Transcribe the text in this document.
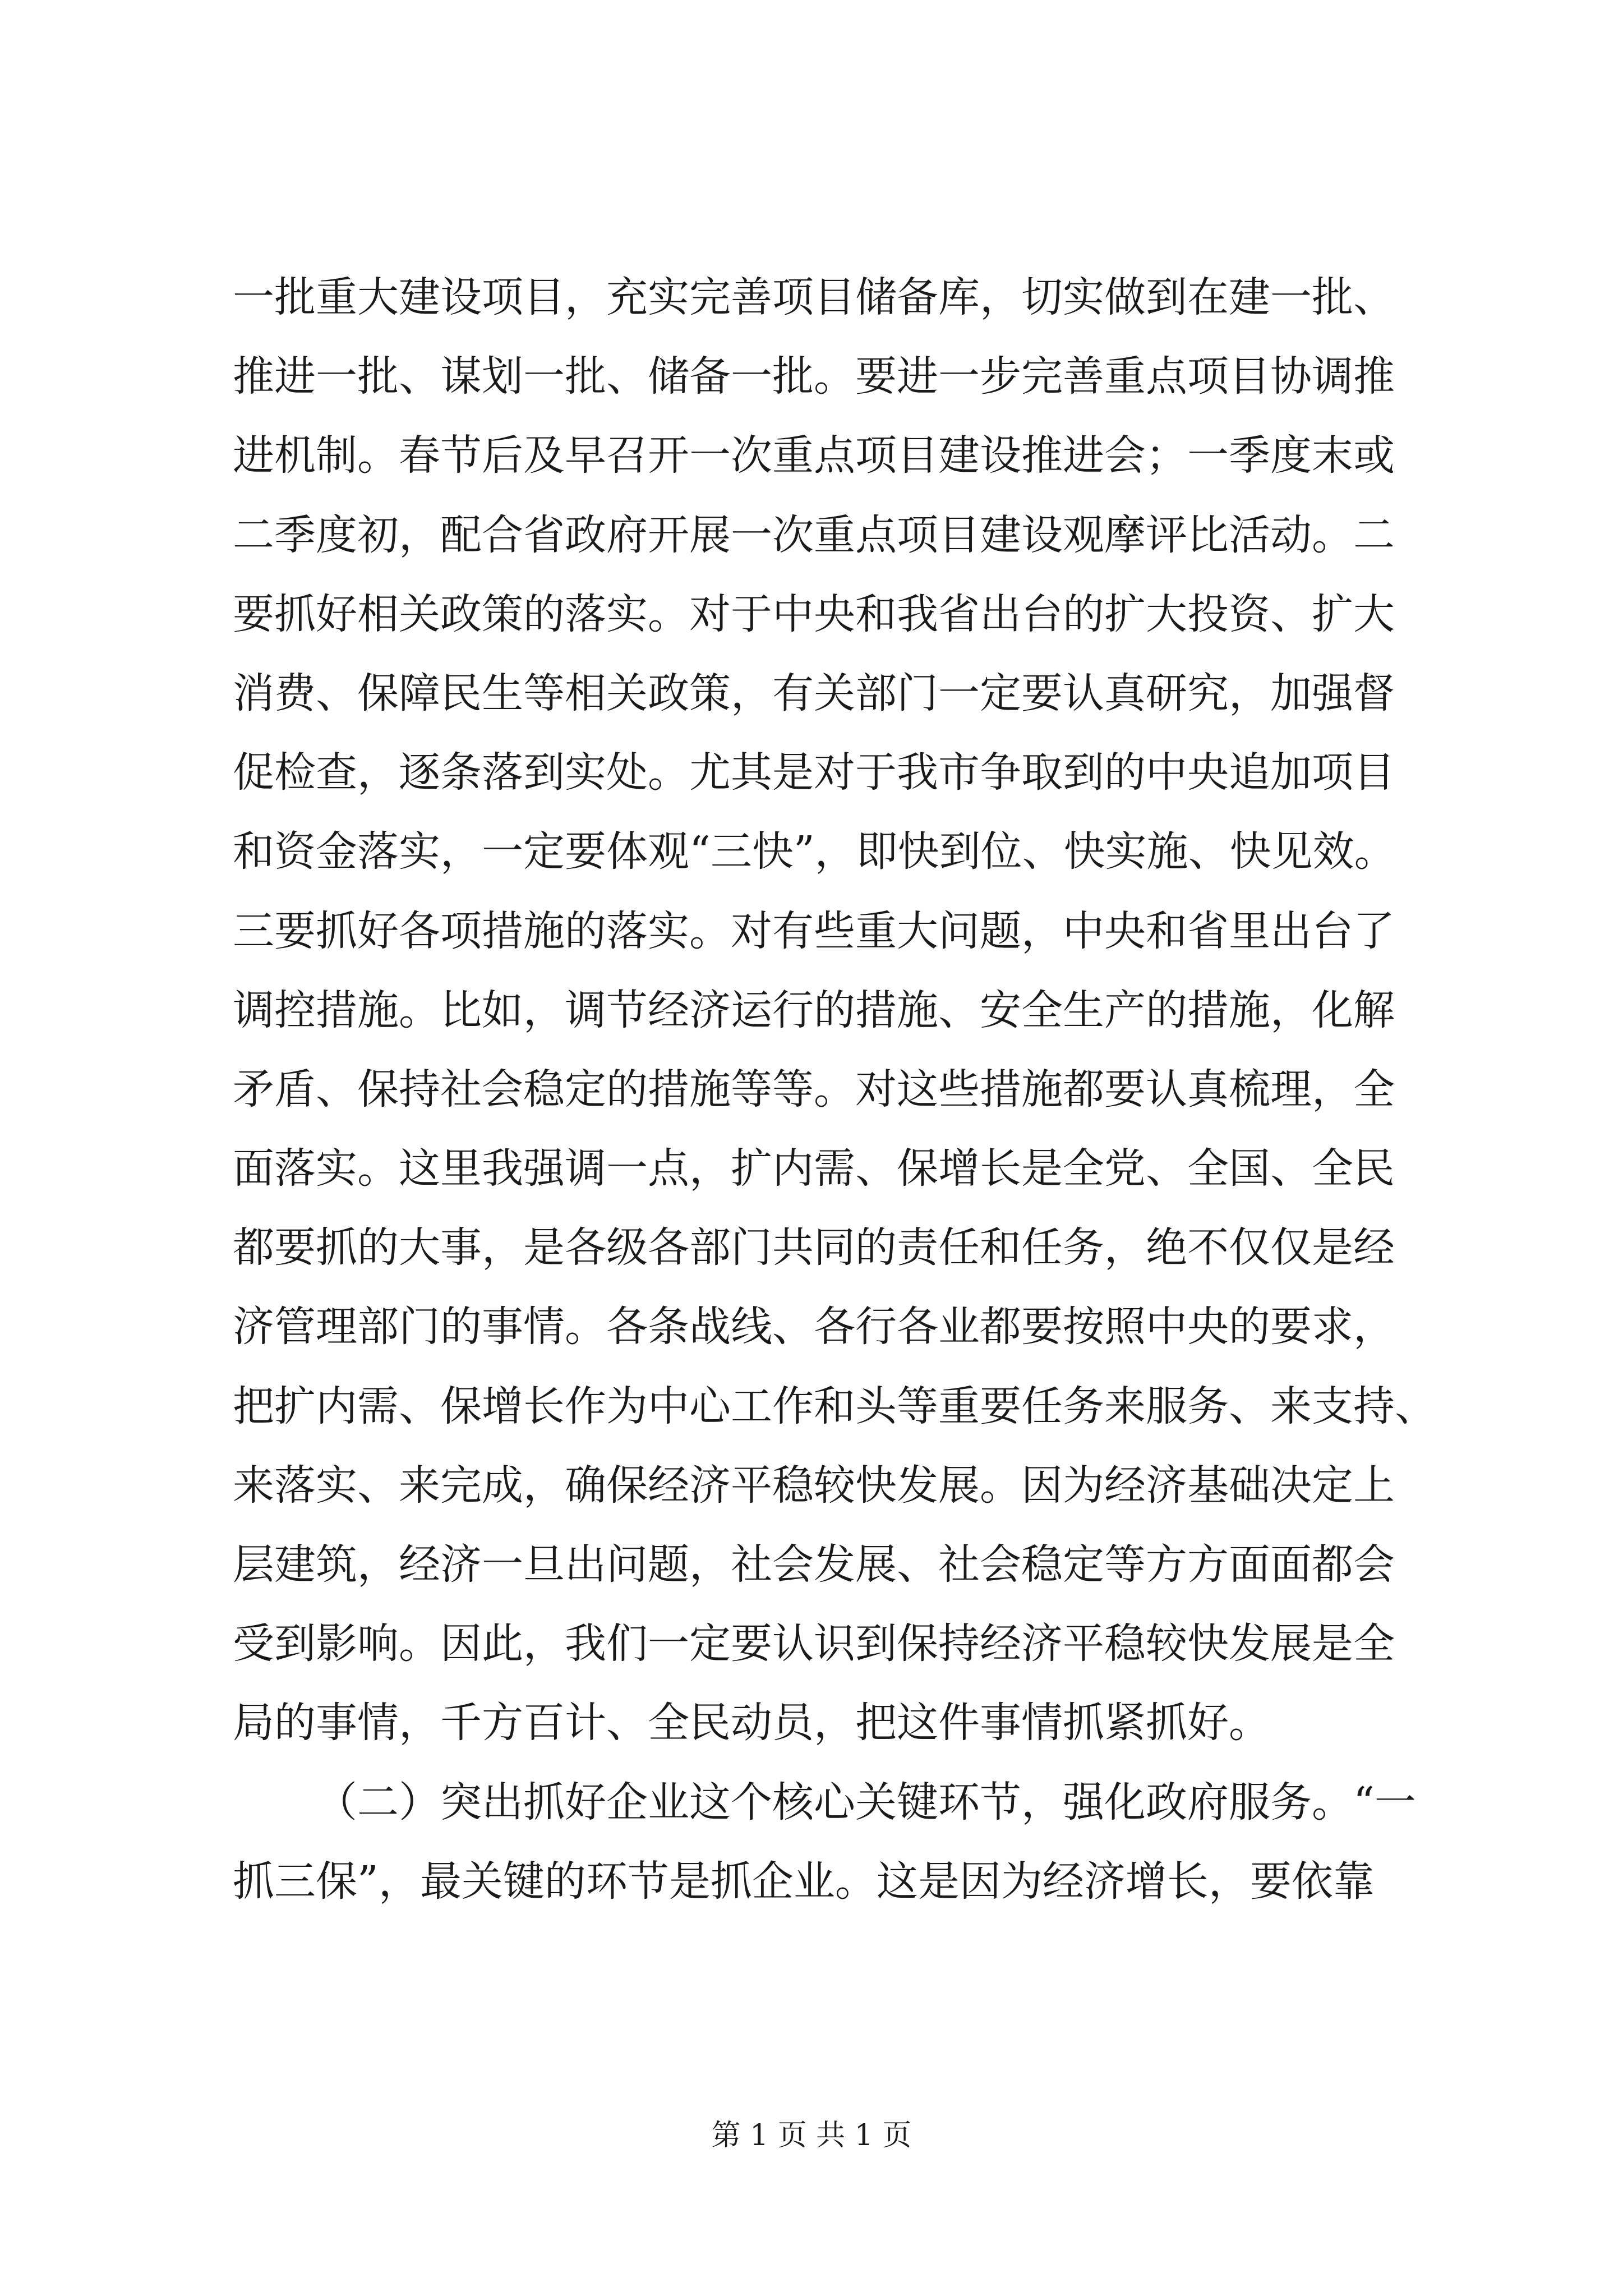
一批重大建设项目，充实完善项目储备库，切实做到在建一批、
推进一批、谋划一批、储备一批。要进一步完善重点项目协调推
进机制。春节后及早召开一次重点项目建设推进会；一季度末或
二季度初，配合省政府开展一次重点项目建设观摩评比活动。二
要抓好相关政策的落实。对于中央和我省出台的扩大投资、扩大
消费、保障民生等相关政策，有关部门一定要认真研究，加强督
促检查，逐条落到实处。尤其是对于我市争取到的中央追加项目
和资金落实，一定要体观“三快”，即快到位、快实施、快见效。
三要抓好各项措施的落实。对有些重大问题，中央和省里出台了
调控措施。比如，调节经济运行的措施、安全生产的措施，化解
矛盾、保持社会稳定的措施等等。对这些措施都要认真梳理，全
面落实。这里我强调一点，扩内需、保增长是全党、全国、全民
都要抓的大事，是各级各部门共同的责任和任务，绝不仅仅是经
济管理部门的事情。各条战线、各行各业都要按照中央的要求，
把扩内需、保增长作为中心工作和头等重要任务来服务、来支持、
来落实、来完成，确保经济平稳较快发展。因为经济基础决定上
层建筑，经济一旦出问题，社会发展、社会稳定等方方面面都会
受到影响。因此，我们一定要认识到保持经济平稳较快发展是全
局的事情，千方百计、全民动员，把这件事情抓紧抓好。
（二）突出抓好企业这个核心关键环节，强化政府服务。“一
抓三保”，最关键的环节是抓企业。这是因为经济增长，要依靠
第 1 页 共 1 页
